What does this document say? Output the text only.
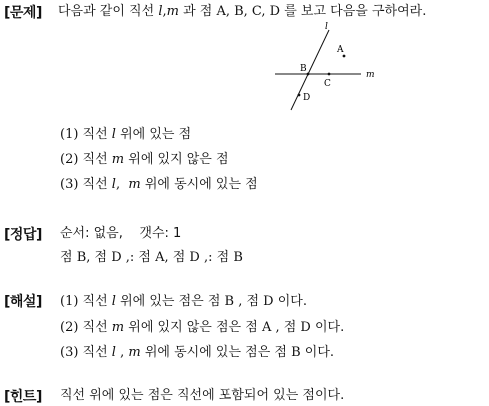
[문제] 다음과 같이 직선 l,m 과 점 A, B, C, D 를 보고 다음을 구하여라.
l
m
A
B
C
D
(1) 직선 l 위에 있는 점
(2) 직선 m 위에 있지 않은 점
(3) 직선 l,  m 위에 동시에 있는 점
[정답] 순서: 없음,    갯수: 1
점 B, 점 D ,: 점 A, 점 D ,: 점 B
[해설] (1) 직선 l 위에 있는 점은 점 B , 점 D 이다.
(2) 직선 m 위에 있지 않은 점은 점 A , 점 D 이다.
(3) 직선 l , m 위에 동시에 있는 점은 점 B 이다.
[힌트] 직선 위에 있는 점은 직선에 포함되어 있는 점이다.
